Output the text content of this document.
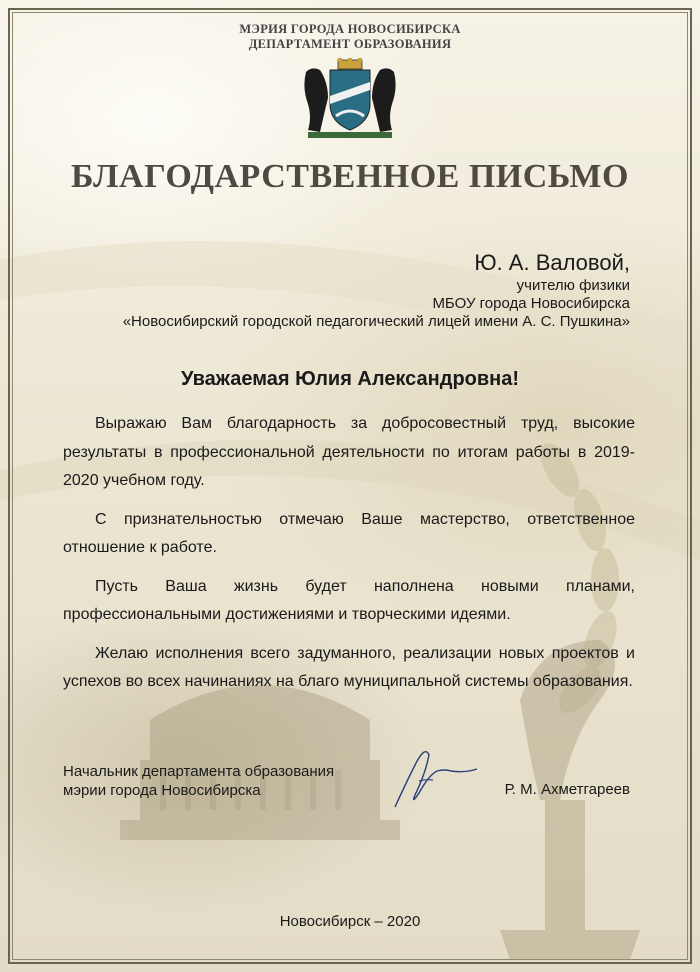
МЭРИЯ ГОРОДА НОВОСИБИРСКА
ДЕПАРТАМЕНТ ОБРАЗОВАНИЯ
БЛАГОДАРСТВЕННОЕ ПИСЬМО
Ю. А. Валовой,
учителю физики
МБОУ города Новосибирска
«Новосибирский городской педагогический лицей имени А. С. Пушкина»
Уважаемая Юлия Александровна!

Выражаю Вам благодарность за добросовестный труд, высокие результаты в профессиональной деятельности по итогам работы в 2019-2020 учебном году.

С признательностью отмечаю Ваше мастерство, ответственное отношение к работе.

Пусть Ваша жизнь будет наполнена новыми планами, профессиональными достижениями и творческими идеями.

Желаю исполнения всего задуманного, реализации новых проектов и успехов во всех начинаниях на благо муниципальной системы образования.

Начальник департамента образования
мэрии города Новосибирска	Р. М. Ахметгареев
Новосибирск – 2020
